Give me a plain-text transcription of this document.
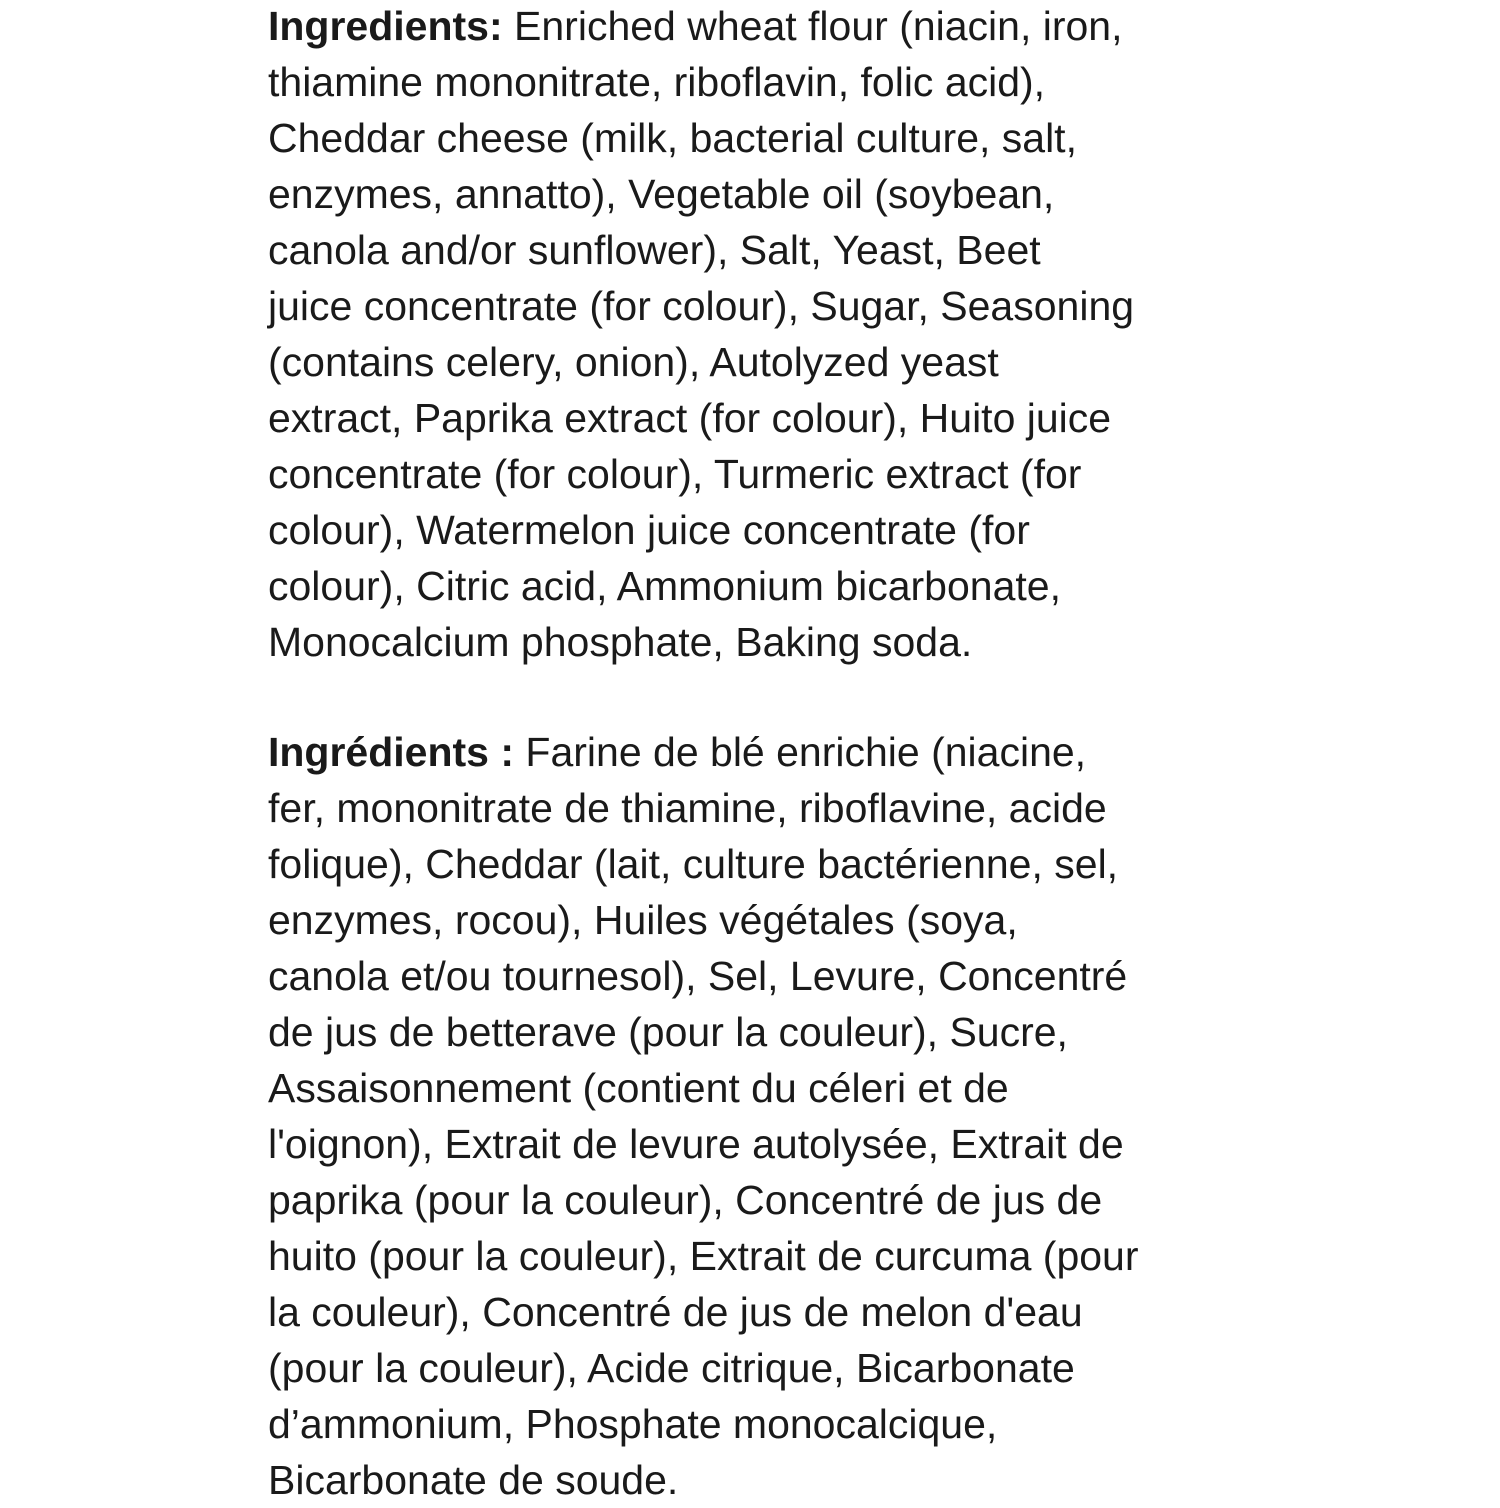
Ingredients: Enriched wheat flour (niacin, iron,
thiamine mononitrate, riboflavin, folic acid),
Cheddar cheese (milk, bacterial culture, salt,
enzymes, annatto), Vegetable oil (soybean,
canola and/or sunflower), Salt, Yeast, Beet
juice concentrate (for colour), Sugar, Seasoning
(contains celery, onion), Autolyzed yeast
extract, Paprika extract (for colour), Huito juice
concentrate (for colour), Turmeric extract (for
colour), Watermelon juice concentrate (for
colour), Citric acid, Ammonium bicarbonate,
Monocalcium phosphate, Baking soda.

Ingrédients : Farine de blé enrichie (niacine,
fer, mononitrate de thiamine, riboflavine, acide
folique), Cheddar (lait, culture bactérienne, sel,
enzymes, rocou), Huiles végétales (soya,
canola et/ou tournesol), Sel, Levure, Concentré
de jus de betterave (pour la couleur), Sucre,
Assaisonnement (contient du céleri et de
l'oignon), Extrait de levure autolysée, Extrait de
paprika (pour la couleur), Concentré de jus de
huito (pour la couleur), Extrait de curcuma (pour
la couleur), Concentré de jus de melon d'eau
(pour la couleur), Acide citrique, Bicarbonate
d’ammonium, Phosphate monocalcique,
Bicarbonate de soude.
